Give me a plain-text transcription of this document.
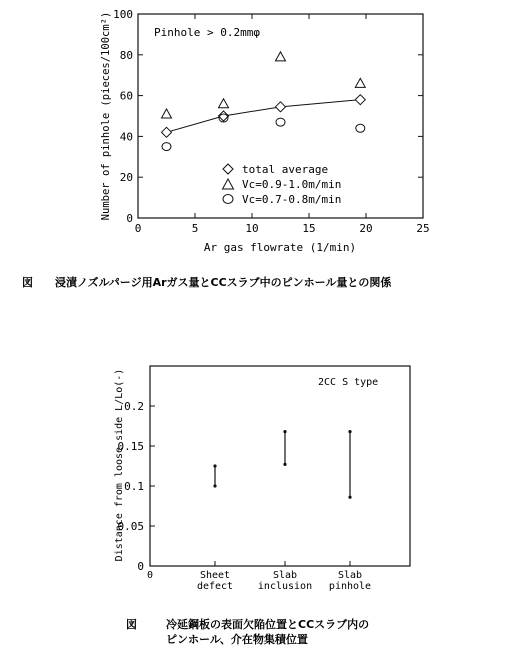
0
20
40
60
80
100
0	5	10	15	20	25
Pinhole > 0.2mmφ
Number of pinhole (pieces/100cm²)
Ar gas flowrate (1/min)
total average
Vc=0.9-1.0m/min
Vc=0.7-0.8m/min
図 浸漬ノズルパージ用Arガス量とCCスラブ中のピンホール量との関係
0
0.05
0.1
0.15
0.2
Sheet
defect
Slab
inclusion
Slab
pinhole
0
2CC S type
Distance from loose side L/Lo(-)
図	冷延鋼板の表面欠陥位置とCCスラブ内の
ピンホール、介在物集積位置
